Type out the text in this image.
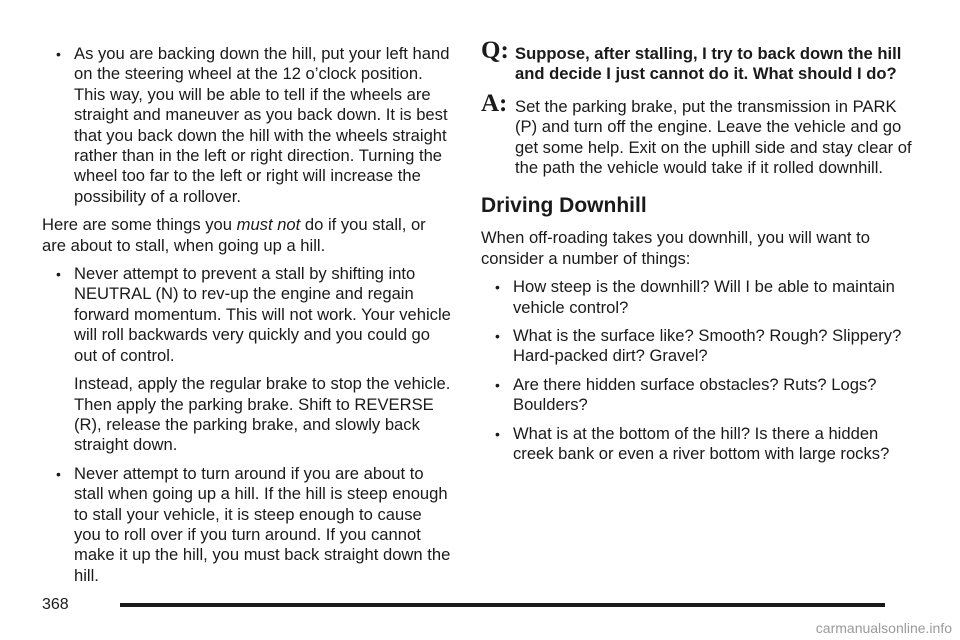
• As you are backing down the hill, put your left hand on the steering wheel at the 12 o’clock position. This way, you will be able to tell if the wheels are straight and maneuver as you back down. It is best that you back down the hill with the wheels straight rather than in the left or right direction. Turning the wheel too far to the left or right will increase the possibility of a rollover.

Here are some things you must not do if you stall, or are about to stall, when going up a hill.

• Never attempt to prevent a stall by shifting into NEUTRAL (N) to rev-up the engine and regain forward momentum. This will not work. Your vehicle will roll backwards very quickly and you could go out of control.

Instead, apply the regular brake to stop the vehicle. Then apply the parking brake. Shift to REVERSE (R), release the parking brake, and slowly back straight down.

• Never attempt to turn around if you are about to stall when going up a hill. If the hill is steep enough to stall your vehicle, it is steep enough to cause you to roll over if you turn around. If you cannot make it up the hill, you must back straight down the hill.

Q: Suppose, after stalling, I try to back down the hill and decide I just cannot do it. What should I do?

A: Set the parking brake, put the transmission in PARK (P) and turn off the engine. Leave the vehicle and go get some help. Exit on the uphill side and stay clear of the path the vehicle would take if it rolled downhill.

Driving Downhill

When off-roading takes you downhill, you will want to consider a number of things:

• How steep is the downhill? Will I be able to maintain vehicle control?

• What is the surface like? Smooth? Rough? Slippery? Hard-packed dirt? Gravel?

• Are there hidden surface obstacles? Ruts? Logs? Boulders?

• What is at the bottom of the hill? Is there a hidden creek bank or even a river bottom with large rocks?

368
carmanualsonline.info
